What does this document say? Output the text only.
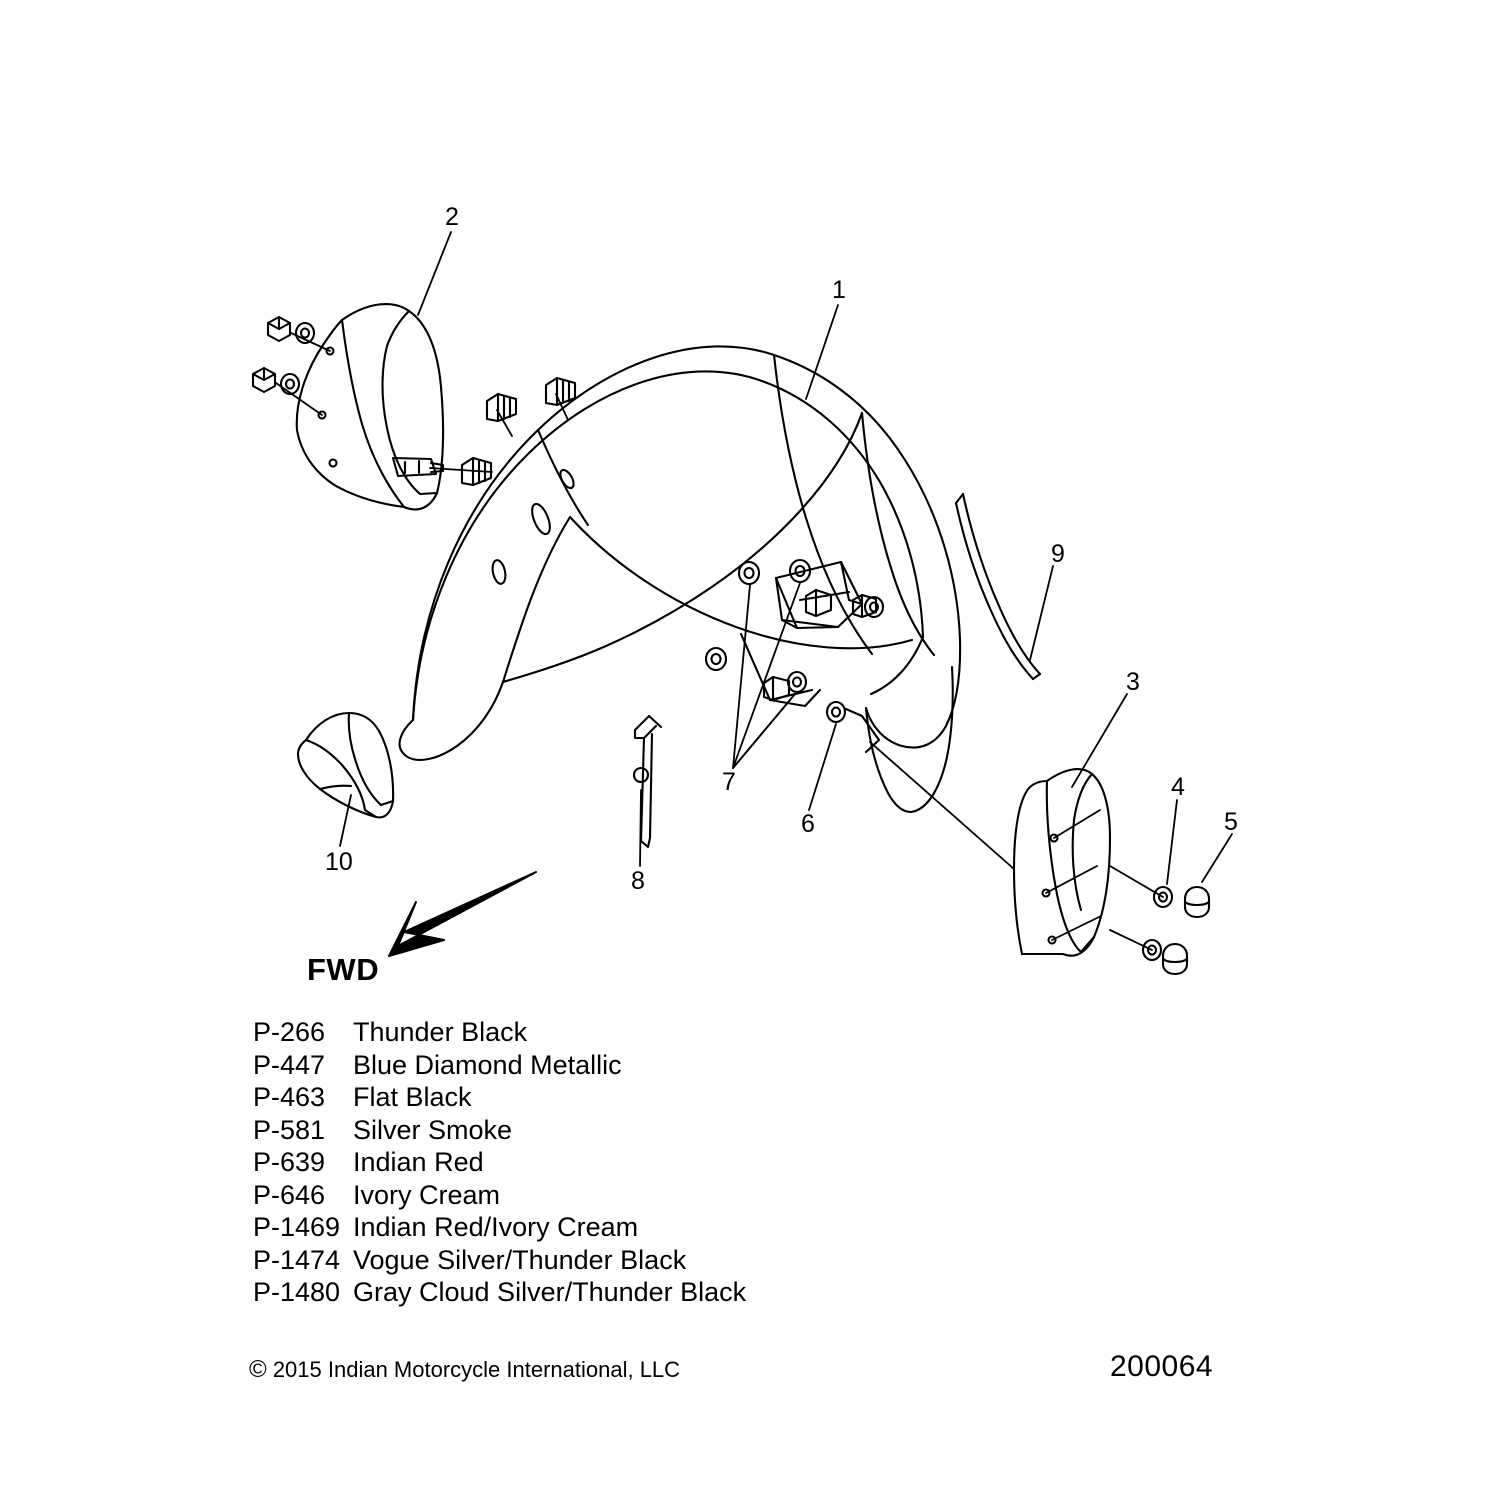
1
2
3
4
5
6
7
8
9
10
FWD
P-266	Thunder Black
P-447	Blue Diamond Metallic
P-463	Flat Black
P-581	Silver Smoke
P-639	Indian Red
P-646	Ivory Cream
P-1469 Indian Red/Ivory Cream
P-1474 Vogue Silver/Thunder Black
P-1480 Gray Cloud Silver/Thunder Black
© 2015 Indian Motorcycle International, LLC	200064
